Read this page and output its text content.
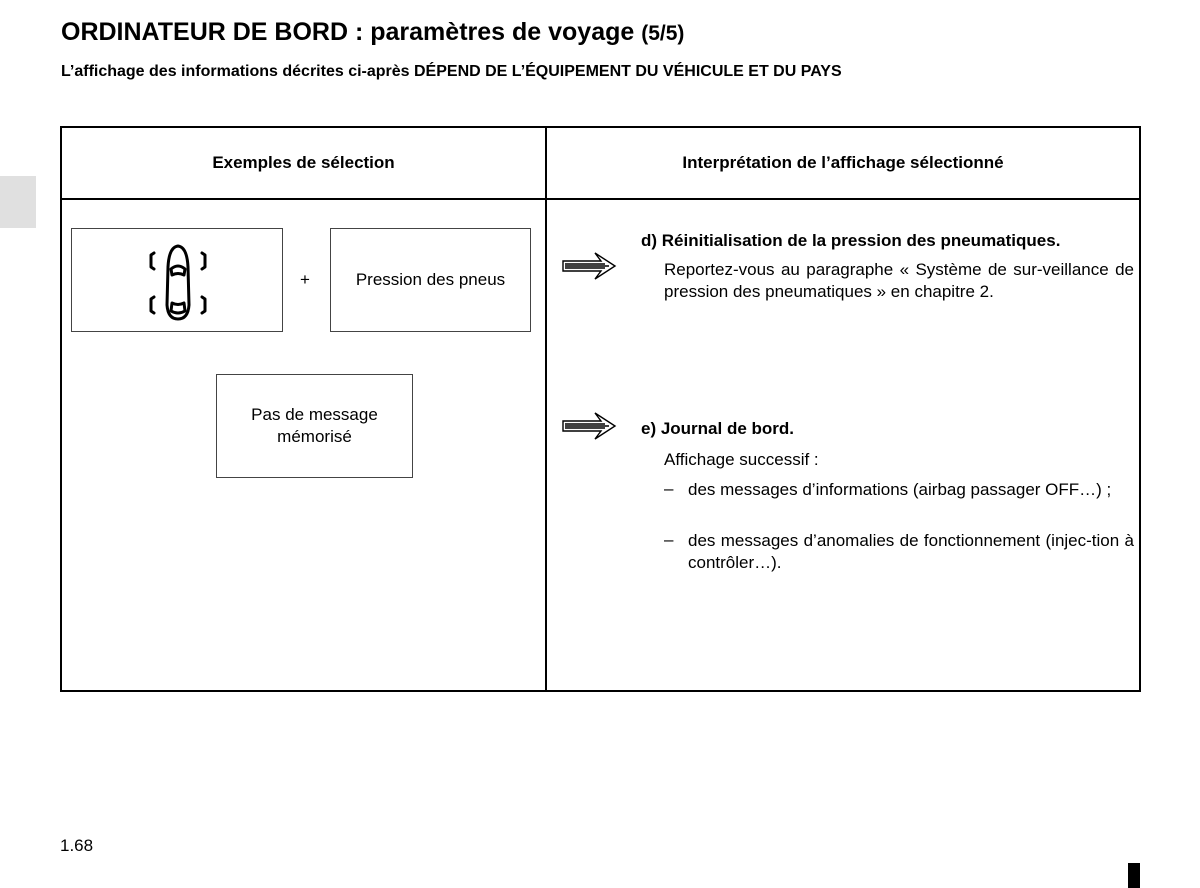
ORDINATEUR DE BORD : paramètres de voyage (5/5)
L’affichage des informations décrites ci-après DÉPEND DE L’ÉQUIPEMENT DU VÉHICULE ET DU PAYS
Exemples de sélection	Interprétation de l’affichage sélectionné
+	Pression des pneus
Pas de message
mémorisé
d) Réinitialisation de la pression des pneumatiques.
Reportez-vous au paragraphe « Système de sur-veillance de pression des pneumatiques » en chapitre 2.
e) Journal de bord.
Affichage successif :
– des messages d’informations (airbag passager OFF…) ;
– des messages d’anomalies de fonctionnement (injec-tion à contrôler…).
1.68
